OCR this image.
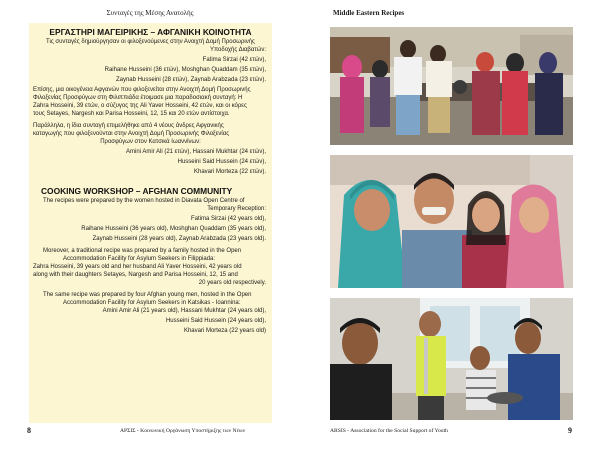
Συνταγές της Μέσης Ανατολής
ΕΡΓΑΣΤΗΡΙ ΜΑΓΕΙΡΙΚΗΣ – ΑΦΓΑΝΙΚΗ ΚΟΙΝΟΤΗΤΑ
Τις συνταγές δημιούργησαν οι φιλοξενούμενες στην Ανοιχτή Δομή Προσωρινής
Υποδοχής Διαβατών:
Fatima Sirzai (42 ετών),
Raihane Husseini (36 ετών), Moshghan Quaddam (35 ετών),
Zaynab Husseini (28 ετών), Zaynab Arabzada (23 ετών).
Επίσης, μια οικογένεια Αφγανών που φιλοξενείται στην Ανοιχτή Δομή Προσωρινής
Φιλοξενίας Προσφύγων στη Φιλιππιάδα έτοιμασε μια παραδοσιακή συνταγή: Η
Zahra Hosseini, 39 ετών, ο σύζυγος της Ali Yaver Hosseini, 42 ετών, και οι κόρες
τους Setayes, Nargesh και Parisa Hosseini, 12, 15 και 20 ετών αντίστοιχα.
Παράλληλα, η ίδια συνταγή επιμελήθηκε από 4 νέους άνδρες Αφγανικής
καταγωγής που φιλοξενούνται στην Ανοιχτή Δομή Προσωρινής Φιλοξενίας
Προσφύγων στον Κατσικά Ιωαννίνων:
Amini Amir Ali (21 ετών), Hassani Mukhtar (24 ετών),
Husseini Said Hussein (24 ετών),
Khavari Morteza (22 ετών).
COOKING WORKSHOP – AFGHAN COMMUNITY
The recipes were prepared by the women hosted in Diavata Open Centre of
Temporary Reception:
Fatima Sirzai (42 years old),
Raihane Husseini (36 years old), Moshghan Quaddam (35 years old),
Zaynab Husseini (28 years old), Zaynab Arabzada (23 years old).
Moreover, a traditional recipe was prepared by a family hosted in the Open
Accommodation Facility for Asylum Seekers in Filippiada:
Zahra Hosseini, 39 years old and her husband Ali Yaver Hosseini, 42 years old
along with their daughters Setayes, Nargesh and Parisa Hosseini, 12, 15 and
20 years old respectively.
The same recipe was prepared by four Afghan young men, hosted in the Open
Accommodation Facility for Asylum Seekers in Katsikas - Ioannina:
Amini Amir Ali (21 years old), Hassani Mukhtar (24 years old),
Husseini Said Hussein (24 years old),
Khavari Morteza (22 years old)
8	ΑΡΣΙΣ - Κοινωνική Οργάνωση Υποστήριξης των Νέων
Middle Eastern Recipes
ARSIS - Association for the Social Support of Youth	9
